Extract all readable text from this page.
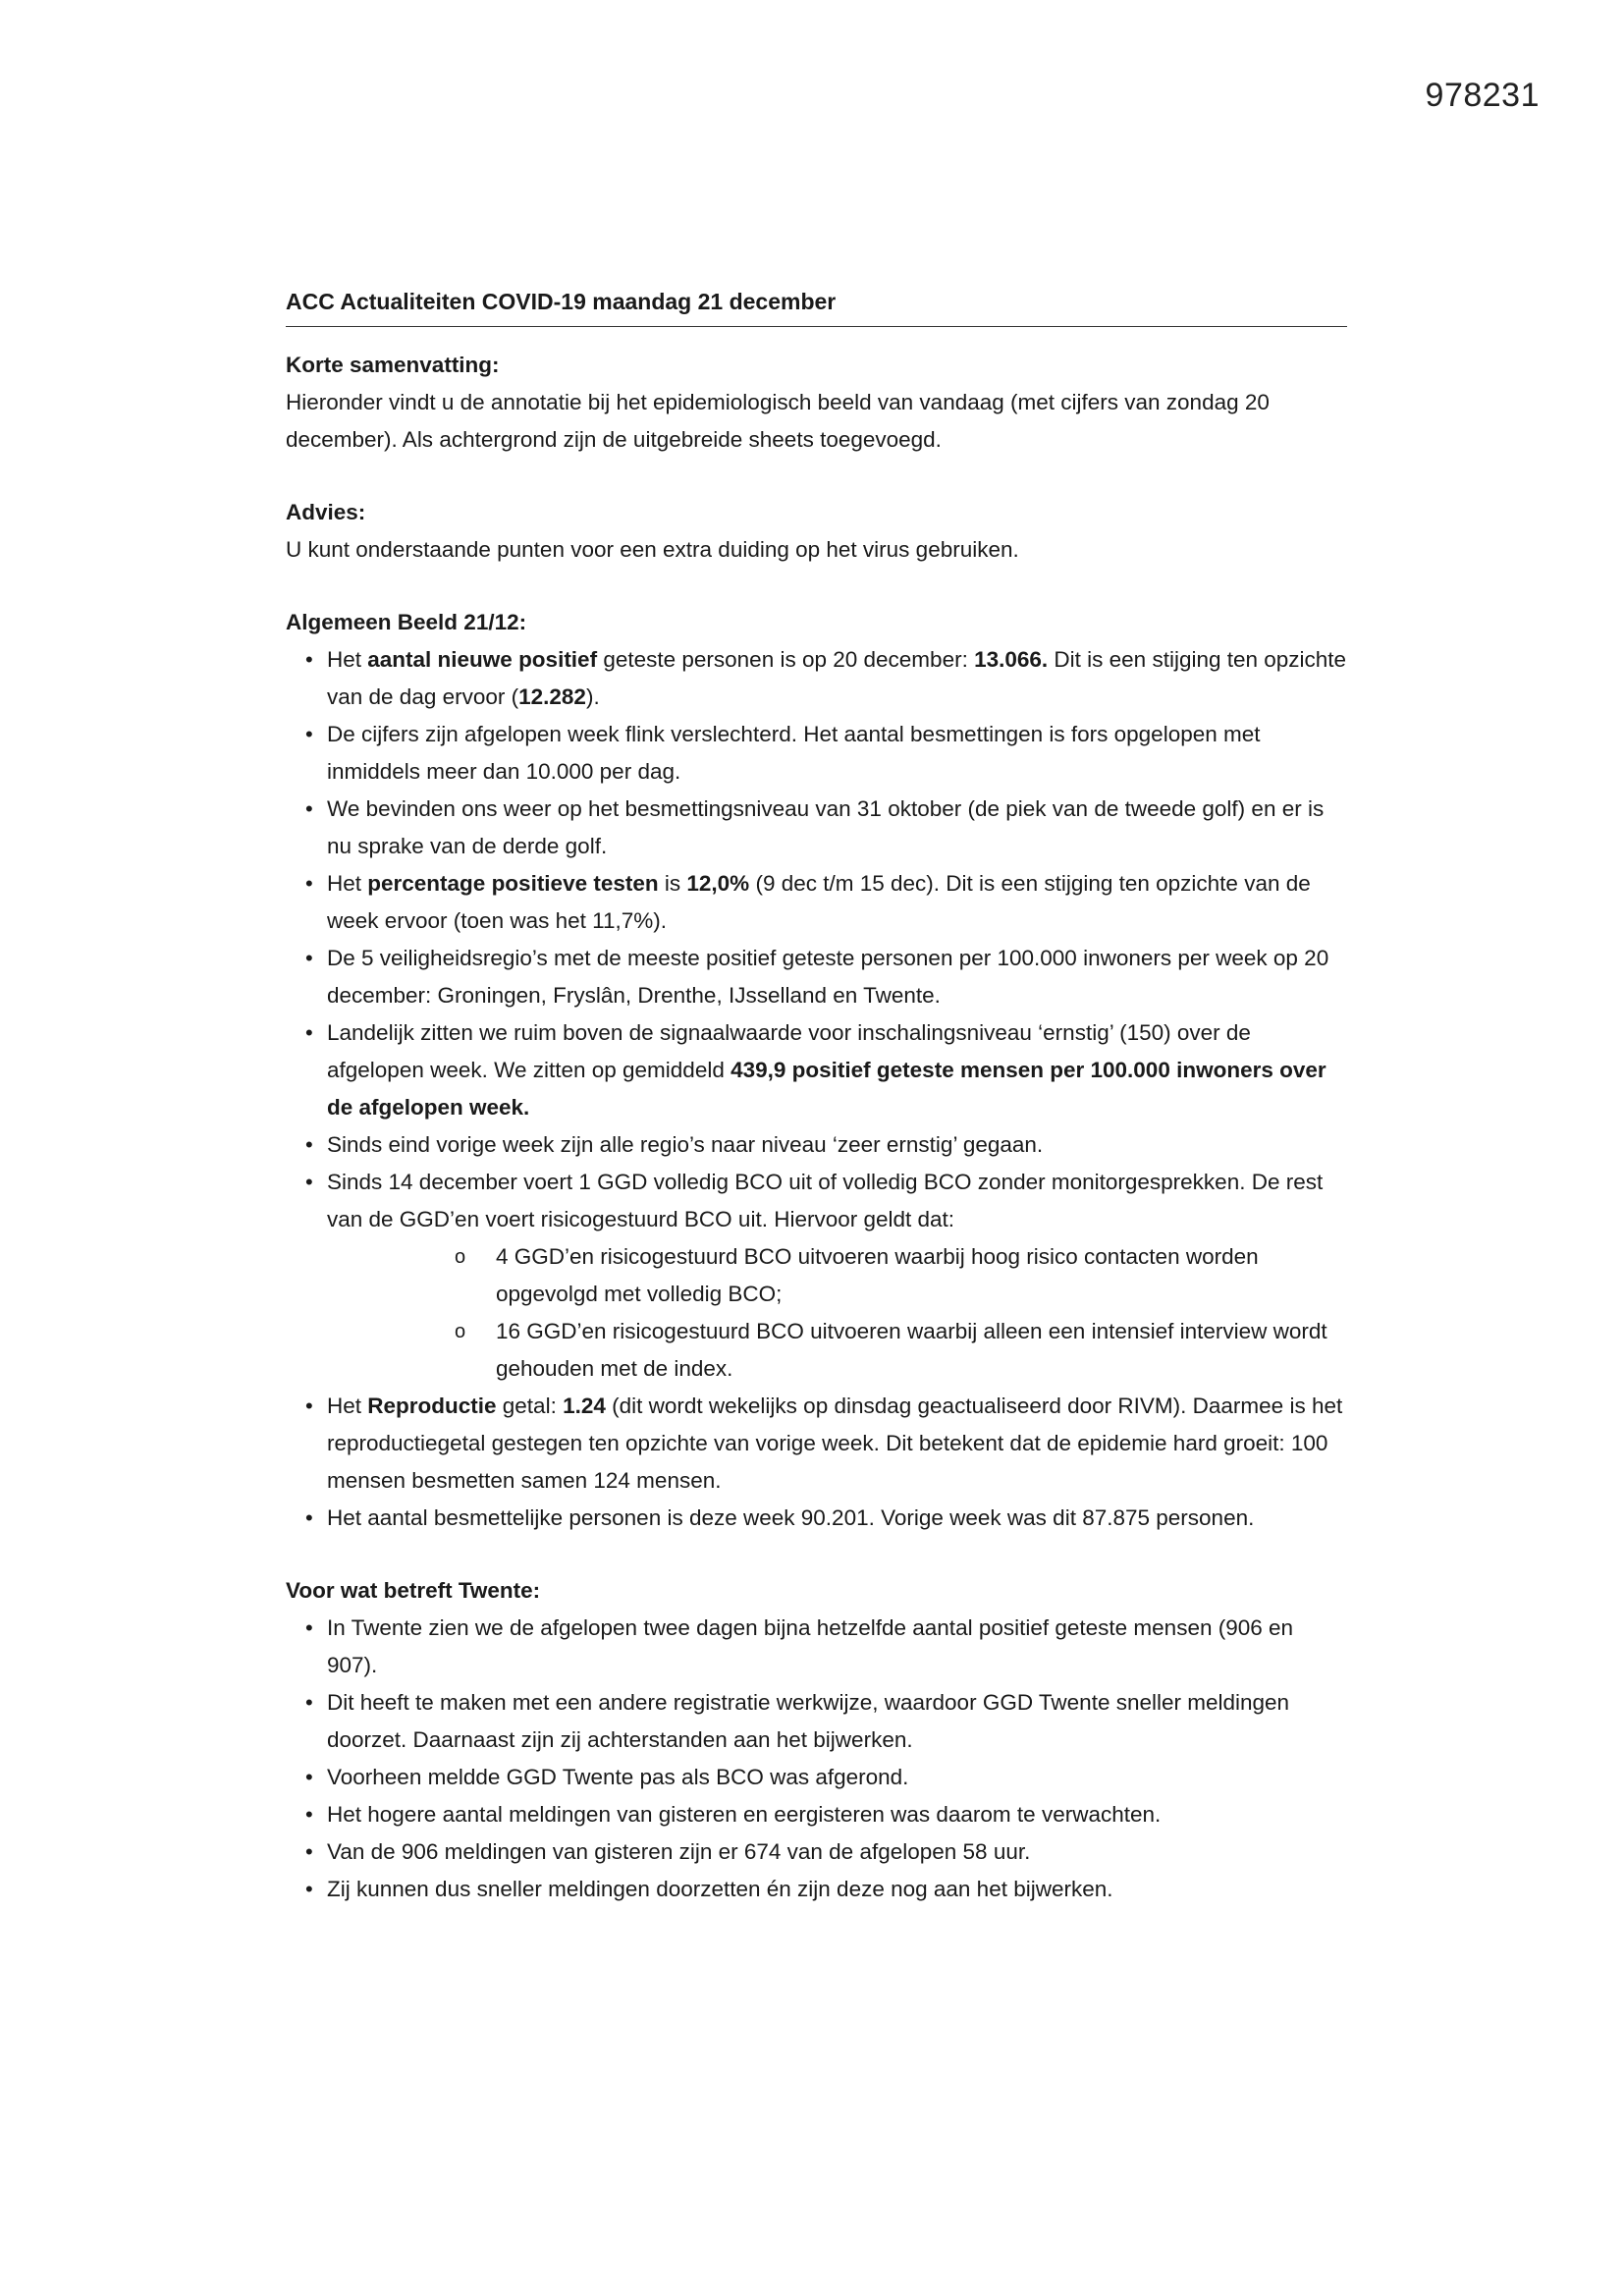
978231
ACC Actualiteiten COVID-19 maandag 21 december
Korte samenvatting:

Hieronder vindt u de annotatie bij het epidemiologisch beeld van vandaag (met cijfers van zondag 20 december). Als achtergrond zijn de uitgebreide sheets toegevoegd.

Advies:

U kunt onderstaande punten voor een extra duiding op het virus gebruiken.

Algemeen Beeld 21/12:
• Het aantal nieuwe positief geteste personen is op 20 december: 13.066. Dit is een stijging ten opzichte van de dag ervoor (12.282).
• De cijfers zijn afgelopen week flink verslechterd. Het aantal besmettingen is fors opgelopen met inmiddels meer dan 10.000 per dag.
• We bevinden ons weer op het besmettingsniveau van 31 oktober (de piek van de tweede golf) en er is nu sprake van de derde golf.
• Het percentage positieve testen is 12,0% (9 dec t/m 15 dec). Dit is een stijging ten opzichte van de week ervoor (toen was het 11,7%).
• De 5 veiligheidsregio’s met de meeste positief geteste personen per 100.000 inwoners per week op 20 december: Groningen, Fryslân, Drenthe, IJsselland en Twente.
• Landelijk zitten we ruim boven de signaalwaarde voor inschalingsniveau ‘ernstig’ (150) over de afgelopen week. We zitten op gemiddeld 439,9 positief geteste mensen per 100.000 inwoners over de afgelopen week.
• Sinds eind vorige week zijn alle regio’s naar niveau ‘zeer ernstig’ gegaan.
• Sinds 14 december voert 1 GGD volledig BCO uit of volledig BCO zonder monitorgesprekken. De rest van de GGD’en voert risicogestuurd BCO uit. Hiervoor geldt dat:
o 4 GGD’en risicogestuurd BCO uitvoeren waarbij hoog risico contacten worden opgevolgd met volledig BCO;
o 16 GGD’en risicogestuurd BCO uitvoeren waarbij alleen een intensief interview wordt gehouden met de index.
• Het Reproductie getal: 1.24 (dit wordt wekelijks op dinsdag geactualiseerd door RIVM). Daarmee is het reproductiegetal gestegen ten opzichte van vorige week. Dit betekent dat de epidemie hard groeit: 100 mensen besmetten samen 124 mensen.
• Het aantal besmettelijke personen is deze week 90.201. Vorige week was dit 87.875 personen.
Voor wat betreft Twente:
• In Twente zien we de afgelopen twee dagen bijna hetzelfde aantal positief geteste mensen (906 en 907).
• Dit heeft te maken met een andere registratie werkwijze, waardoor GGD Twente sneller meldingen doorzet. Daarnaast zijn zij achterstanden aan het bijwerken.
• Voorheen meldde GGD Twente pas als BCO was afgerond.
• Het hogere aantal meldingen van gisteren en eergisteren was daarom te verwachten.
• Van de 906 meldingen van gisteren zijn er 674 van de afgelopen 58 uur.
• Zij kunnen dus sneller meldingen doorzetten én zijn deze nog aan het bijwerken.
